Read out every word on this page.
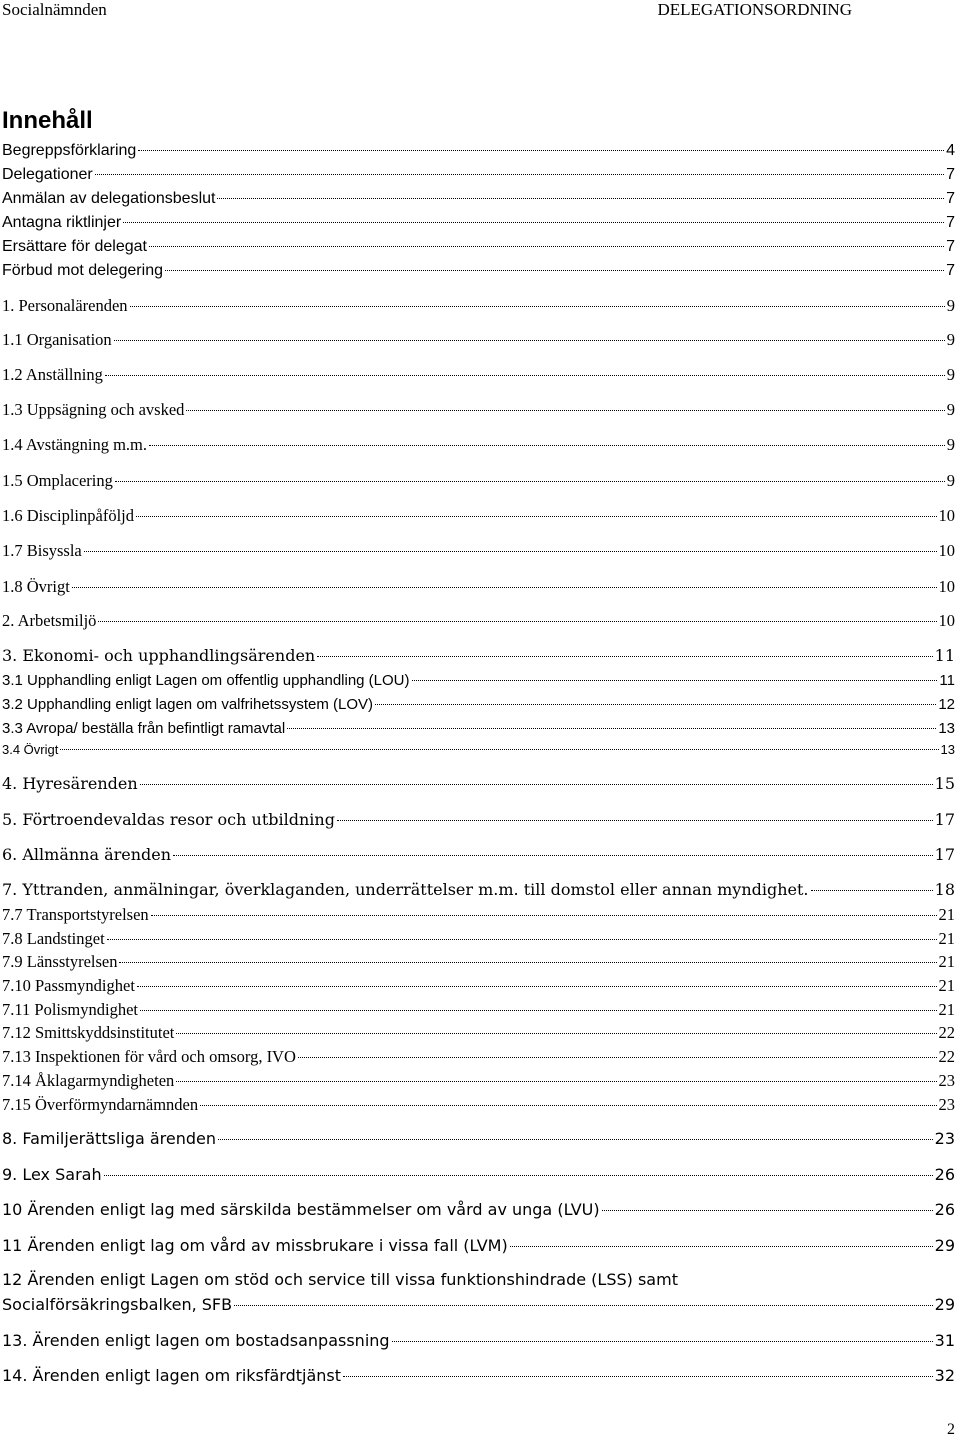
Socialnämnden	DELEGATIONSORDNING
Innehåll
Begreppsförklaring	4
Delegationer	7
Anmälan av delegationsbeslut	7
Antagna riktlinjer	7
Ersättare för delegat	7
Förbud mot delegering	7
1. Personalärenden	9
1.1 Organisation	9
1.2 Anställning	9
1.3 Uppsägning och avsked	9
1.4 Avstängning m.m.	9
1.5 Omplacering	9
1.6 Disciplinpåföljd	10
1.7 Bisyssla	10
1.8 Övrigt	10
2. Arbetsmiljö	10
3. Ekonomi- och upphandlingsärenden	11
3.1 Upphandling enligt Lagen om offentlig upphandling (LOU)	11
3.2 Upphandling enligt lagen om valfrihetssystem (LOV)	12
3.3 Avropa/ beställa från befintligt ramavtal	13
3.4 Övrigt	13
4. Hyresärenden	15
5. Förtroendevaldas resor och utbildning	17
6. Allmänna ärenden	17
7. Yttranden, anmälningar, överklaganden, underrättelser m.m. till domstol eller annan myndighet.	18
7.7 Transportstyrelsen	21
7.8 Landstinget	21
7.9 Länsstyrelsen	21
7.10 Passmyndighet	21
7.11 Polismyndighet	21
7.12 Smittskyddsinstitutet	22
7.13 Inspektionen för vård och omsorg, IVO	22
7.14 Åklagarmyndigheten	23
7.15 Överförmyndarnämnden	23
8. Familjerättsliga ärenden	23
9. Lex Sarah	26
10 Ärenden enligt lag med särskilda bestämmelser om vård av unga (LVU)	26
11 Ärenden enligt lag om vård av missbrukare i vissa fall (LVM)	29
12 Ärenden enligt Lagen om stöd och service till vissa funktionshindrade (LSS) samt
Socialförsäkringsbalken, SFB	29
13. Ärenden enligt lagen om bostadsanpassning	31
14. Ärenden enligt lagen om riksfärdtjänst	32
2
